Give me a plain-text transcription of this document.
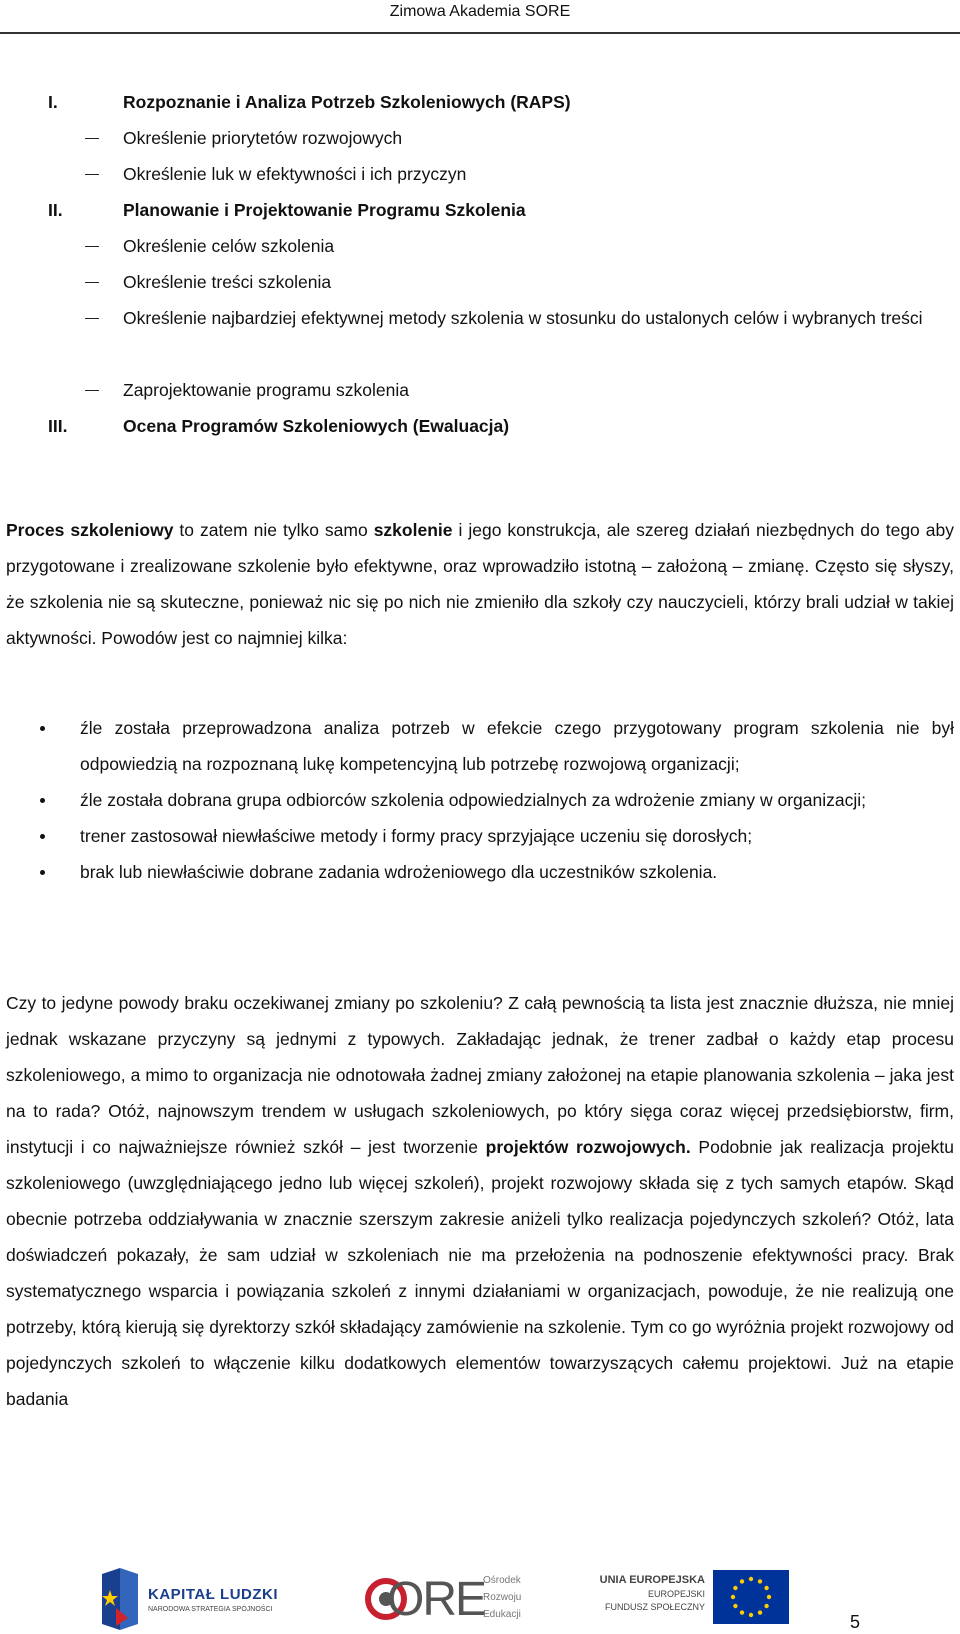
Zimowa Akademia SORE
I.	Rozpoznanie i Analiza Potrzeb Szkoleniowych (RAPS)
Określenie priorytetów rozwojowych
Określenie luk w efektywności i ich przyczyn
II.	Planowanie i Projektowanie Programu Szkolenia
Określenie celów szkolenia
Określenie treści szkolenia
Określenie najbardziej efektywnej metody szkolenia w stosunku do ustalonych celów i wybranych treści
Zaprojektowanie programu szkolenia
III.	Ocena Programów Szkoleniowych (Ewaluacja)

Proces szkoleniowy to zatem nie tylko samo szkolenie i jego konstrukcja, ale szereg działań niezbędnych do tego aby przygotowane i zrealizowane szkolenie było efektywne, oraz wprowadziło istotną – założoną – zmianę. Często się słyszy, że szkolenia nie są skuteczne, ponieważ nic się po nich nie zmieniło dla szkoły czy nauczycieli, którzy brali udział w takiej aktywności. Powodów jest co najmniej kilka:

źle została przeprowadzona analiza potrzeb w efekcie czego przygotowany program szkolenia nie był odpowiedzią na rozpoznaną lukę kompetencyjną lub potrzebę rozwojową organizacji;
źle została dobrana grupa odbiorców szkolenia odpowiedzialnych za wdrożenie zmiany w organizacji;
trener zastosował niewłaściwe metody i formy pracy sprzyjające uczeniu się dorosłych;
brak lub niewłaściwie dobrane zadania wdrożeniowego dla uczestników szkolenia.

Czy to jedyne powody braku oczekiwanej zmiany po szkoleniu? Z całą pewnością ta lista jest znacznie dłuższa, nie mniej jednak wskazane przyczyny są jednymi z typowych. Zakładając jednak, że trener zadbał o każdy etap procesu szkoleniowego, a mimo to organizacja nie odnotowała żadnej zmiany założonej na etapie planowania szkolenia – jaka jest na to rada? Otóż, najnowszym trendem w usługach szkoleniowych, po który sięga coraz więcej przedsiębiorstw, firm, instytucji i co najważniejsze również szkół – jest tworzenie projektów rozwojowych. Podobnie jak realizacja projektu szkoleniowego (uwzględniającego jedno lub więcej szkoleń), projekt rozwojowy składa się z tych samych etapów. Skąd obecnie potrzeba oddziaływania w znacznie szerszym zakresie aniżeli tylko realizacja pojedynczych szkoleń? Otóż, lata doświadczeń pokazały, że sam udział w szkoleniach nie ma przełożenia na podnoszenie efektywności pracy. Brak systematycznego wsparcia i powiązania szkoleń z innymi działaniami w organizacjach, powoduje, że nie realizują one potrzeby, którą kierują się dyrektorzy szkół składający zamówienie na szkolenie. Tym co go wyróżnia projekt rozwojowy od pojedynczych szkoleń to włączenie kilku dodatkowych elementów towarzyszących całemu projektowi. Już na etapie badania

KAPITAŁ LUDZKI
NARODOWA STRATEGIA SPÓJNOŚCI ORE
Ośrodek
Rozwoju
Edukacji
UNIA EUROPEJSKA
EUROPEJSKI
FUNDUSZ SPOŁECZNY
5
